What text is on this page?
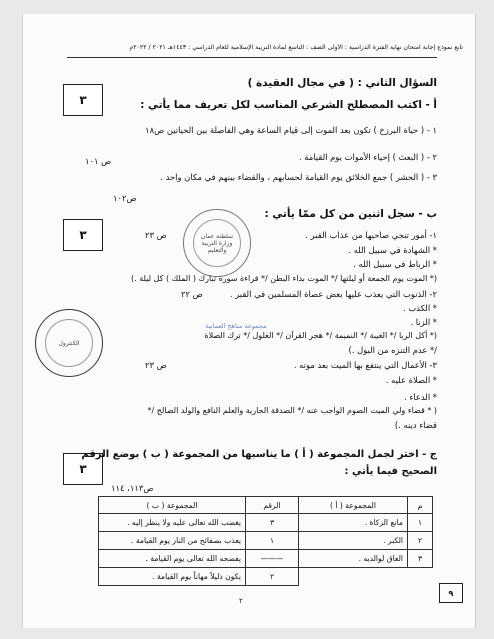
تابع نموذج إجابة امتحان نهاية الفترة الدراسية : الأولى الصف : التاسع لمادة التربية الإسلامية للعام الدراسي : ١٤٤٣هـ ٢٠٢١ / ٢٠٢٢م
٣
السؤال الثاني : ( في مجال العقيدة )
أ - اكتب المصطلح الشرعي المناسب لكل تعريف مما يأتي :
١ - ( حياة البرزخ ) تكون بعد الموت إلى قيام الساعة وهي الفاصلة بين الحياتين ص١٨
٢ - ( البعث ) إحياء الأموات يوم القيامة .
ص ١٠١
٣ - ( الحشر ) جمع الخلائق يوم القيامة لحسابهم ، والقضاء بينهم في مكان واحد .
ص١٠٢
٣
ب - سجل اثنين من كل ممّا يأتي :
سلطنة عمان وزارة التربية والتعليم
١- أمور تنجي صاحبها من عذاب القبر .
ص ٢٣
* الشهادة في سبيل الله .
* الرباط في سبيل الله .
(* الموت يوم الجمعة أو ليلتها /* الموت بداء البطن /* قراءة سورة تبارك ( الملك ) كل ليلة .)
٢- الذنوب التي يعذب عليها بعض عصاة المسلمين في القبر .
ص ٢٢
* الكذب .
* الزنا .
الكنترول
مجموعة مناهج العمانية
(* أكل الربا /* الغيبة /* النميمة /* هجر القرآن /* الغلول /* ترك الصلاة
/* عدم التنزه من البول .)
٣- الأعمال التي ينتفع بها الميت بعد موته .
ص ٢٣
* الصلاة عليه .
* الدعاء .
( * قضاء ولي الميت الصوم الواجب عنه /* الصدقة الجارية والعلم النافع والولد الصالح /*
قضاء دينه .)
٣
ج - اختر لجمل المجموعة ( أ ) ما يناسبها من المجموعة ( ب ) بوضع الرقم
الصحيح فيما يأتي :
ص١١٣، ١١٤
م	المجموعة ( أ )	الرقم	المجموعة ( ب )
١	مانع الزكاة .	٣	يغضب الله تعالى عليه ولا ينظر إليه .
٢	الكبر .	١	يعذب بصفائح من النار يوم القيامة .
٣	العاق لوالديه .	———	يفضحه الله تعالى يوم القيامة .
		٢	يكون ذليلاً مهاناً يوم القيامة .
٢
٩
